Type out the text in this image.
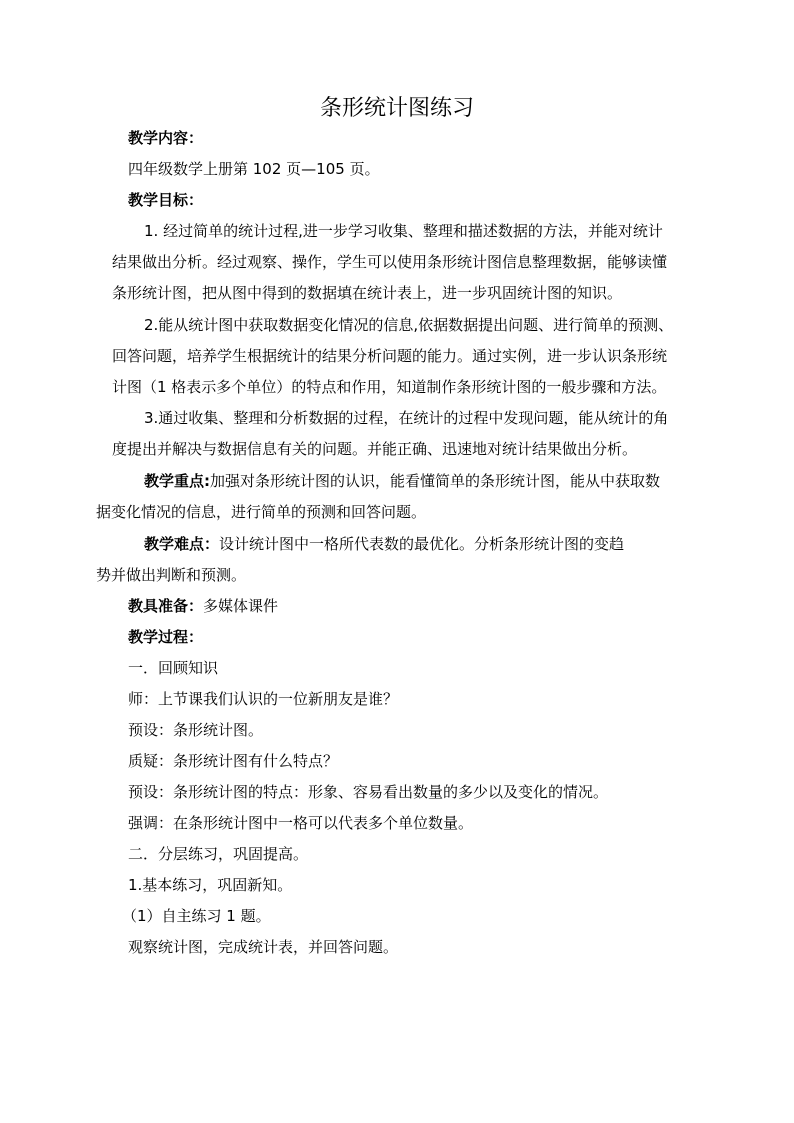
条形统计图练习
教学内容：
四年级数学上册第 102 页—105 页。
教学目标：
1. 经过简单的统计过程,进一步学习收集、整理和描述数据的方法，并能对统计
结果做出分析。经过观察、操作，学生可以使用条形统计图信息整理数据，能够读懂
条形统计图，把从图中得到的数据填在统计表上，进一步巩固统计图的知识。
2.能从统计图中获取数据变化情况的信息,依据数据提出问题、进行简单的预测、
回答问题，培养学生根据统计的结果分析问题的能力。通过实例，进一步认识条形统
计图（1 格表示多个单位）的特点和作用，知道制作条形统计图的一般步骤和方法。
3.通过收集、整理和分析数据的过程，在统计的过程中发现问题，能从统计的角
度提出并解决与数据信息有关的问题。并能正确、迅速地对统计结果做出分析。
教学重点:加强对条形统计图的认识，能看懂简单的条形统计图，能从中获取数
据变化情况的信息，进行简单的预测和回答问题。
教学难点：设计统计图中一格所代表数的最优化。分析条形统计图的变趋
势并做出判断和预测。
教具准备：多媒体课件
教学过程：
一．回顾知识
师：上节课我们认识的一位新朋友是谁？
预设：条形统计图。
质疑：条形统计图有什么特点？
预设：条形统计图的特点：形象、容易看出数量的多少以及变化的情况。
强调：在条形统计图中一格可以代表多个单位数量。
二．分层练习，巩固提高。
1.基本练习，巩固新知。
（1）自主练习 1 题。
观察统计图，完成统计表，并回答问题。
